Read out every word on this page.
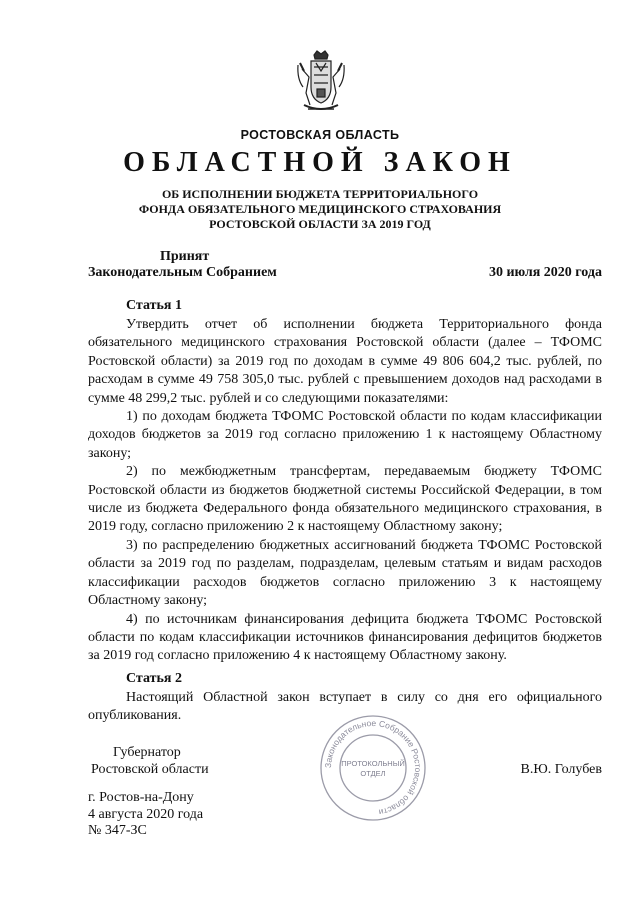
РОСТОВСКАЯ ОБЛАСТЬ
ОБЛАСТНОЙ ЗАКОН
ОБ ИСПОЛНЕНИИ БЮДЖЕТА ТЕРРИТОРИАЛЬНОГО
ФОНДА ОБЯЗАТЕЛЬНОГО МЕДИЦИНСКОГО СТРАХОВАНИЯ
РОСТОВСКОЙ ОБЛАСТИ ЗА 2019 ГОД
Принят
Законодательным Собранием	30 июля 2020 года
Статья 1

Утвердить отчет об исполнении бюджета Территориального фонда обязательного медицинского страхования Ростовской области (далее – ТФОМС Ростовской области) за 2019 год по доходам в сумме 49 806 604,2 тыс. рублей, по расходам в сумме 49 758 305,0 тыс. рублей с превышением доходов над расходами в сумме 48 299,2 тыс. рублей и со следующими показателями:

1) по доходам бюджета ТФОМС Ростовской области по кодам классификации доходов бюджетов за 2019 год согласно приложению 1 к настоящему Областному закону;

2) по межбюджетным трансфертам, передаваемым бюджету ТФОМС Ростовской области из бюджетов бюджетной системы Российской Федерации, в том числе из бюджета Федерального фонда обязательного медицинского страхования, в 2019 году, согласно приложению 2 к настоящему Областному закону;

3) по распределению бюджетных ассигнований бюджета ТФОМС Ростовской области за 2019 год по разделам, подразделам, целевым статьям и видам расходов классификации расходов бюджетов согласно приложению 3 к настоящему Областному закону;

4) по источникам финансирования дефицита бюджета ТФОМС Ростовской области по кодам классификации источников финансирования дефицитов бюджетов за 2019 год согласно приложению 4 к настоящему Областному закону.

Статья 2

Настоящий Областной закон вступает в силу со дня его официального опубликования.

Губернатор
Ростовской области	В.Ю. Голубев
Законодательное Собрание Ростовской области
ПРОТОКОЛЬНЫЙ
ОТДЕЛ
г. Ростов-на-Дону
4 августа 2020 года
№ 347-ЗС
